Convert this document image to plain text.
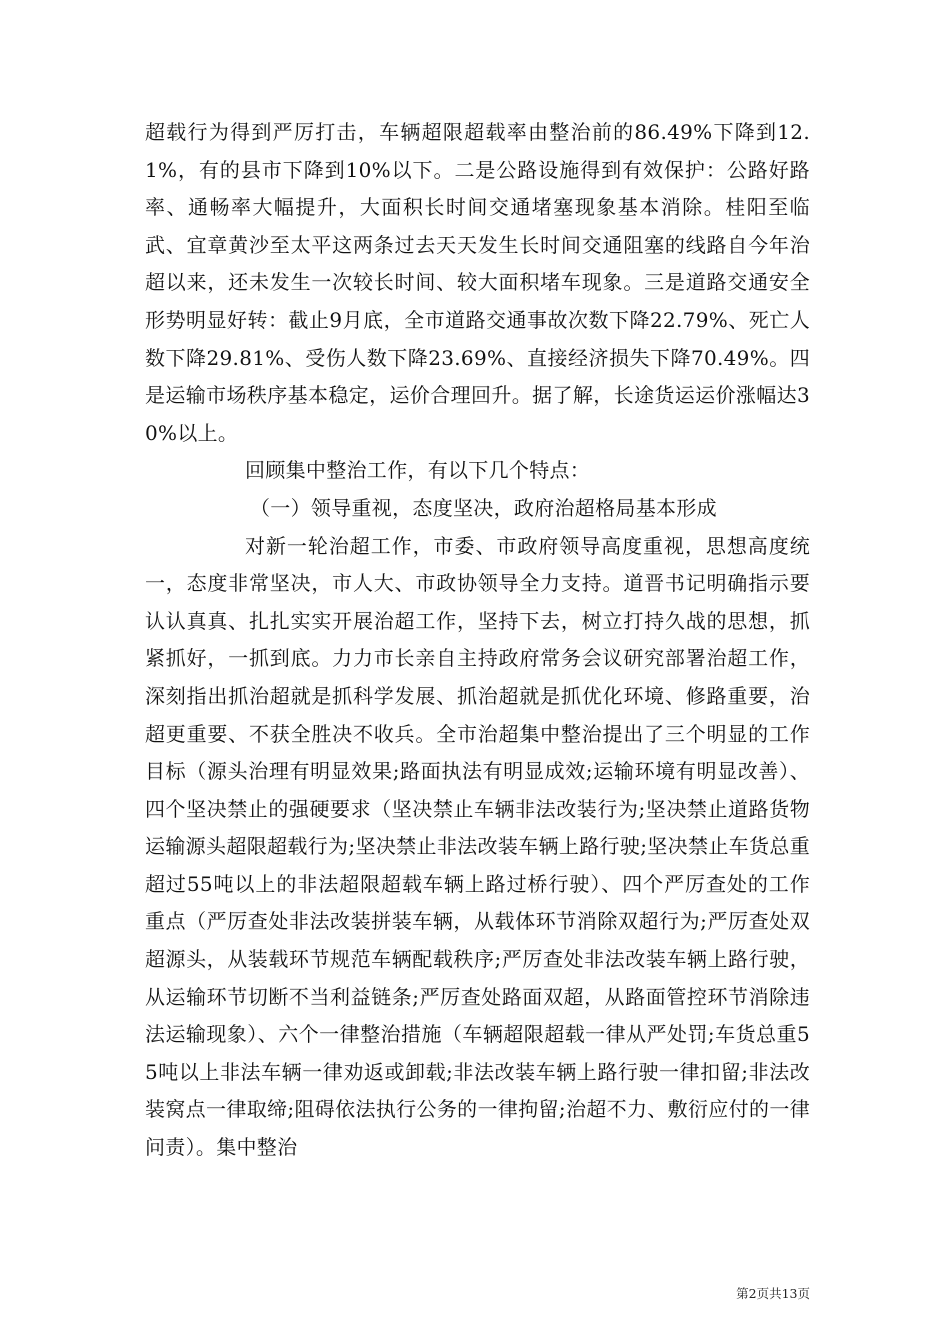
超载行为得到严厉打击，车辆超限超载率由整治前的86.49%下降到12.1%，有的县市下降到10%以下。二是公路设施得到有效保护：公路好路率、通畅率大幅提升，大面积长时间交通堵塞现象基本消除。桂阳至临武、宜章黄沙至太平这两条过去天天发生长时间交通阻塞的线路自今年治超以来，还未发生一次较长时间、较大面积堵车现象。三是道路交通安全形势明显好转：截止9月底，全市道路交通事故次数下降22.79%、死亡人数下降29.81%、受伤人数下降23.69%、直接经济损失下降70.49%。四是运输市场秩序基本稳定，运价合理回升。据了解，长途货运运价涨幅达30%以上。

回顾集中整治工作，有以下几个特点：

（一）领导重视，态度坚决，政府治超格局基本形成

对新一轮治超工作，市委、市政府领导高度重视，思想高度统一，态度非常坚决，市人大、市政协领导全力支持。道晋书记明确指示要认认真真、扎扎实实开展治超工作，坚持下去，树立打持久战的思想，抓紧抓好，一抓到底。力力市长亲自主持政府常务会议研究部署治超工作，深刻指出抓治超就是抓科学发展、抓治超就是抓优化环境、修路重要，治超更重要、不获全胜决不收兵。全市治超集中整治提出了三个明显的工作目标（源头治理有明显效果;路面执法有明显成效;运输环境有明显改善）、四个坚决禁止的强硬要求（坚决禁止车辆非法改装行为;坚决禁止道路货物运输源头超限超载行为;坚决禁止非法改装车辆上路行驶;坚决禁止车货总重超过55吨以上的非法超限超载车辆上路过桥行驶）、四个严厉查处的工作重点（严厉查处非法改装拼装车辆，从载体环节消除双超行为;严厉查处双超源头，从装载环节规范车辆配载秩序;严厉查处非法改装车辆上路行驶，从运输环节切断不当利益链条;严厉查处路面双超，从路面管控环节消除违法运输现象）、六个一律整治措施（车辆超限超载一律从严处罚;车货总重55吨以上非法车辆一律劝返或卸载;非法改装车辆上路行驶一律扣留;非法改装窝点一律取缔;阻碍依法执行公务的一律拘留;治超不力、敷衍应付的一律问责）。集中整治

第2页共13页
